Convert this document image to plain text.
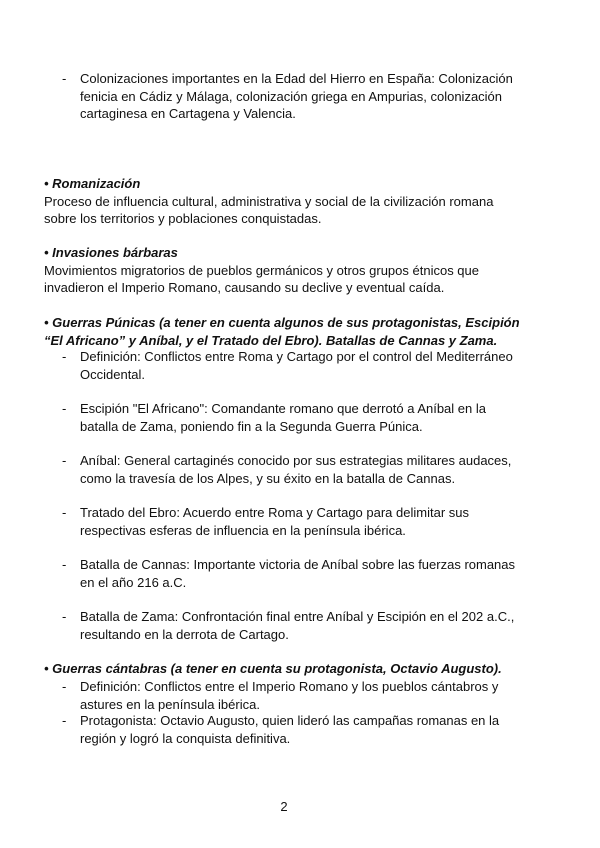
-	Colonizaciones importantes en la Edad del Hierro en España: Colonización

fenicia en Cádiz y Málaga, colonización griega en Ampurias, colonización

cartaginesa en Cartagena y Valencia.

• Romanización

Proceso de influencia cultural, administrativa y social de la civilización romana

sobre los territorios y poblaciones conquistadas.

• Invasiones bárbaras

Movimientos migratorios de pueblos germánicos y otros grupos étnicos que

invadieron el Imperio Romano, causando su declive y eventual caída.

• Guerras Púnicas (a tener en cuenta algunos de sus protagonistas, Escipión

“El Africano” y Aníbal, y el Tratado del Ebro). Batallas de Cannas y Zama.

-	Definición: Conflictos entre Roma y Cartago por el control del Mediterráneo

Occidental.

-	Escipión "El Africano": Comandante romano que derrotó a Aníbal en la

batalla de Zama, poniendo fin a la Segunda Guerra Púnica.

-	Aníbal: General cartaginés conocido por sus estrategias militares audaces,

como la travesía de los Alpes, y su éxito en la batalla de Cannas.

-	Tratado del Ebro: Acuerdo entre Roma y Cartago para delimitar sus

respectivas esferas de influencia en la península ibérica.

-	Batalla de Cannas: Importante victoria de Aníbal sobre las fuerzas romanas

en el año 216 a.C.

-	Batalla de Zama: Confrontación final entre Aníbal y Escipión en el 202 a.C.,

resultando en la derrota de Cartago.

• Guerras cántabras (a tener en cuenta su protagonista, Octavio Augusto).

-	Definición: Conflictos entre el Imperio Romano y los pueblos cántabros y

astures en la península ibérica.

-	Protagonista: Octavio Augusto, quien lideró las campañas romanas en la

región y logró la conquista definitiva.

2
